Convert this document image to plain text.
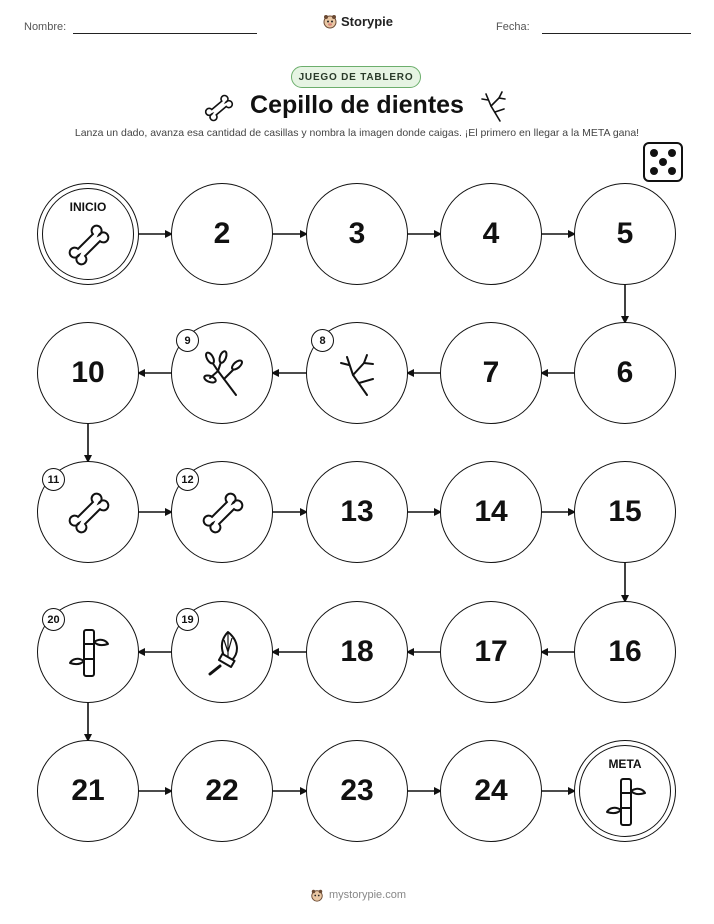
Nombre:	Storypie	Fecha:
JUEGO DE TABLERO
Cepillo de dientes
Lanza un dado, avanza esa cantidad de casillas y nombra la imagen donde caigas. ¡El primero en llegar a la META gana!
INICIO
2	3	4	5
6
7
8
9
10
11	12
13	14	15
16
17
18
19
20
21	22	23	24
META
mystorypie.com
